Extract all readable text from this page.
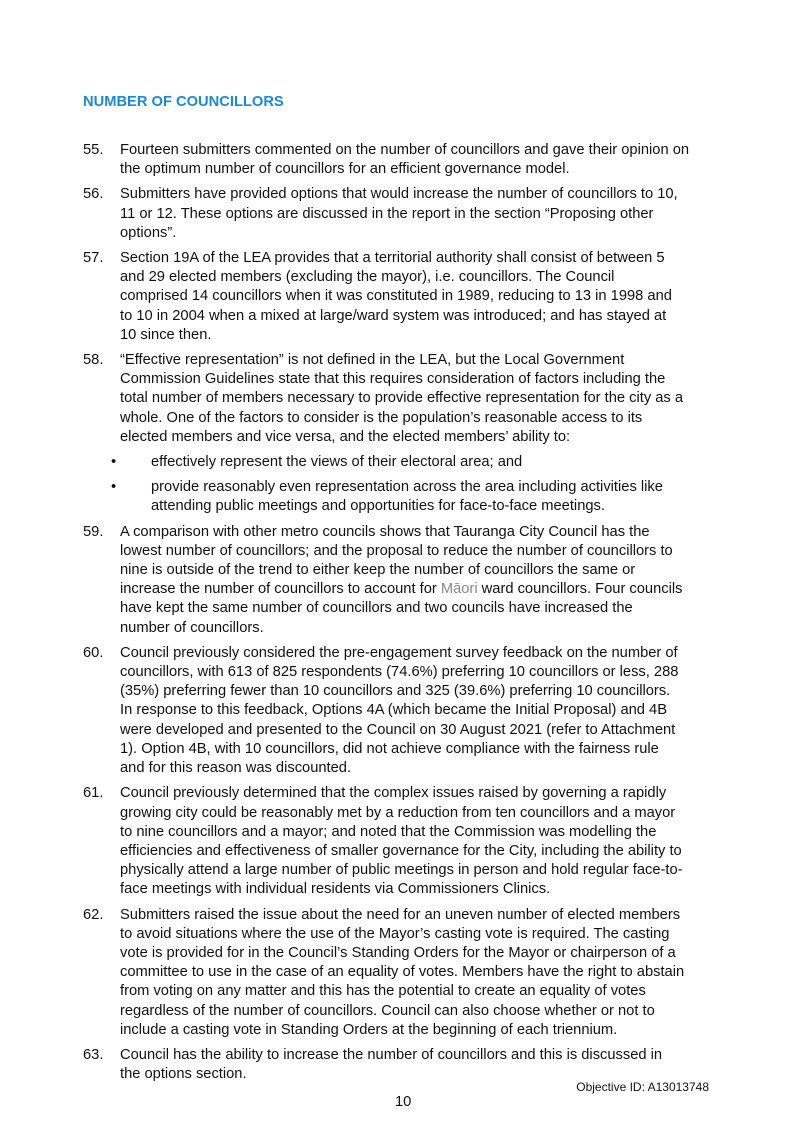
NUMBER OF COUNCILLORS
55. Fourteen submitters commented on the number of councillors and gave their opinion on
the optimum number of councillors for an efficient governance model.
56. Submitters have provided options that would increase the number of councillors to 10,
11 or 12. These options are discussed in the report in the section “Proposing other
options”.
57. Section 19A of the LEA provides that a territorial authority shall consist of between 5
and 29 elected members (excluding the mayor), i.e. councillors. The Council
comprised 14 councillors when it was constituted in 1989, reducing to 13 in 1998 and
to 10 in 2004 when a mixed at large/ward system was introduced; and has stayed at
10 since then.
58. “Effective representation” is not defined in the LEA, but the Local Government
Commission Guidelines state that this requires consideration of factors including the
total number of members necessary to provide effective representation for the city as a
whole. One of the factors to consider is the population’s reasonable access to its
elected members and vice versa, and the elected members’ ability to:
• effectively represent the views of their electoral area; and
• provide reasonably even representation across the area including activities like
attending public meetings and opportunities for face-to-face meetings.
59. A comparison with other metro councils shows that Tauranga City Council has the
lowest number of councillors; and the proposal to reduce the number of councillors to
nine is outside of the trend to either keep the number of councillors the same or
increase the number of councillors to account for Māori ward councillors. Four councils
have kept the same number of councillors and two councils have increased the
number of councillors.
60. Council previously considered the pre-engagement survey feedback on the number of
councillors, with 613 of 825 respondents (74.6%) preferring 10 councillors or less, 288
(35%) preferring fewer than 10 councillors and 325 (39.6%) preferring 10 councillors.
In response to this feedback, Options 4A (which became the Initial Proposal) and 4B
were developed and presented to the Council on 30 August 2021 (refer to Attachment
1). Option 4B, with 10 councillors, did not achieve compliance with the fairness rule
and for this reason was discounted.
61. Council previously determined that the complex issues raised by governing a rapidly
growing city could be reasonably met by a reduction from ten councillors and a mayor
to nine councillors and a mayor; and noted that the Commission was modelling the
efficiencies and effectiveness of smaller governance for the City, including the ability to
physically attend a large number of public meetings in person and hold regular face-to-
face meetings with individual residents via Commissioners Clinics.
62. Submitters raised the issue about the need for an uneven number of elected members
to avoid situations where the use of the Mayor’s casting vote is required. The casting
vote is provided for in the Council’s Standing Orders for the Mayor or chairperson of a
committee to use in the case of an equality of votes. Members have the right to abstain
from voting on any matter and this has the potential to create an equality of votes
regardless of the number of councillors. Council can also choose whether or not to
include a casting vote in Standing Orders at the beginning of each triennium.
63. Council has the ability to increase the number of councillors and this is discussed in
the options section.
Objective ID: A13013748
10
